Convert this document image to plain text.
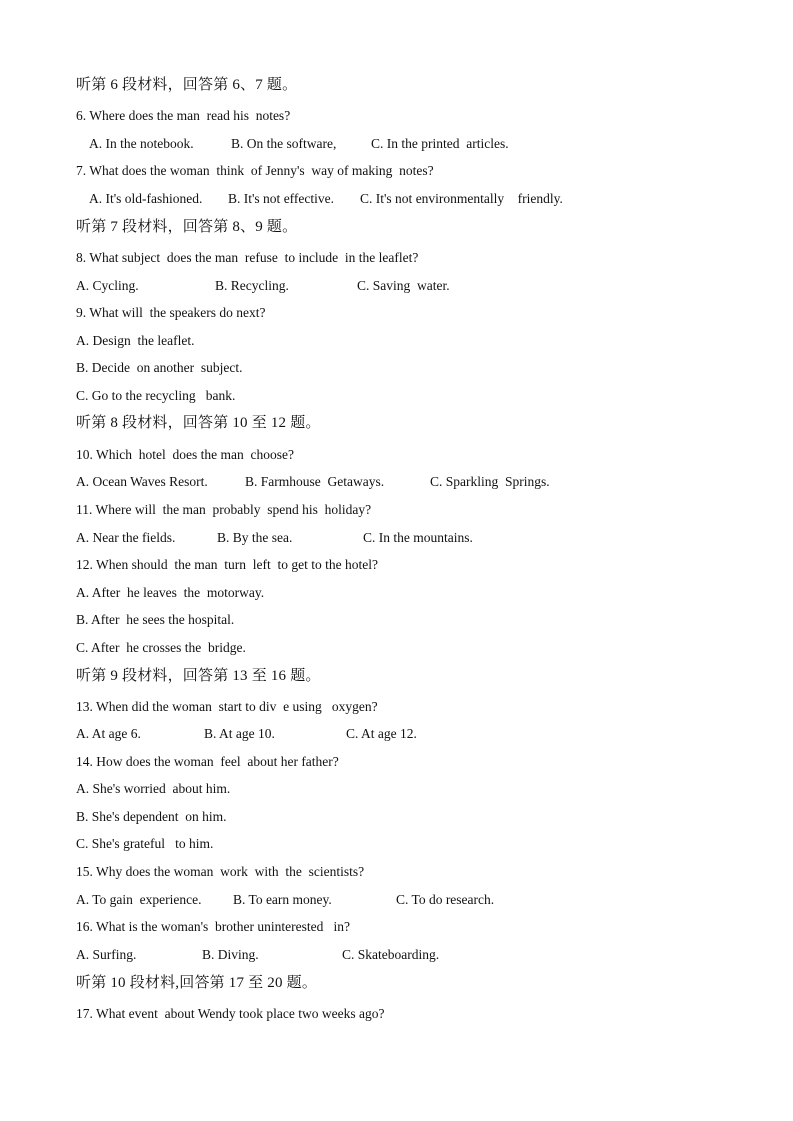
听第 6 段材料，回答第 6、7 题。
6. Where does the man  read his  notes?

A. In the notebook.

	B. On the software,

	C. In the printed  articles.

7. What does the woman  think  of Jenny's  way of making  notes?

A. It's old-fashioned.

B. It's not effective.

C. It's not environmentally    friendly.

听第 7 段材料，回答第 8、9 题。
8. What subject  does the man  refuse  to include  in the leaflet?

A. Cycling.

	B. Recycling.

	C. Saving  water.

9. What will  the speakers do next?
A. Design  the leaflet.
B. Decide  on another  subject.
C. Go to the recycling   bank.
听第 8 段材料，回答第 10 至 12 题。
10. Which  hotel  does the man  choose?

A. Ocean Waves Resort.

	B. Farmhouse  Getaways.

	C. Sparkling  Springs.

11. Where will  the man  probably  spend his  holiday?

A. Near the fields.

	B. By the sea.

	C. In the mountains.

12. When should  the man  turn  left  to get to the hotel?
A. After  he leaves  the  motorway.
B. After  he sees the hospital.
C. After  he crosses the  bridge.
听第 9 段材料，回答第 13 至 16 题。
13. When did the woman  start to div  e using   oxygen?

A. At age 6.

	B. At age 10.

	C. At age 12.

14. How does the woman  feel  about her father?
A. She's worried  about him.
B. She's dependent  on him.
C. She's grateful   to him.
15. Why does the woman  work  with  the  scientists?

A. To gain  experience.

B. To earn money.

	C. To do research.

16. What is the woman's  brother uninterested   in?

A. Surfing.

	B. Diving.

	C. Skateboarding.

听第 10 段材料,回答第 17 至 20 题。
17. What event  about Wendy took place two weeks ago?
